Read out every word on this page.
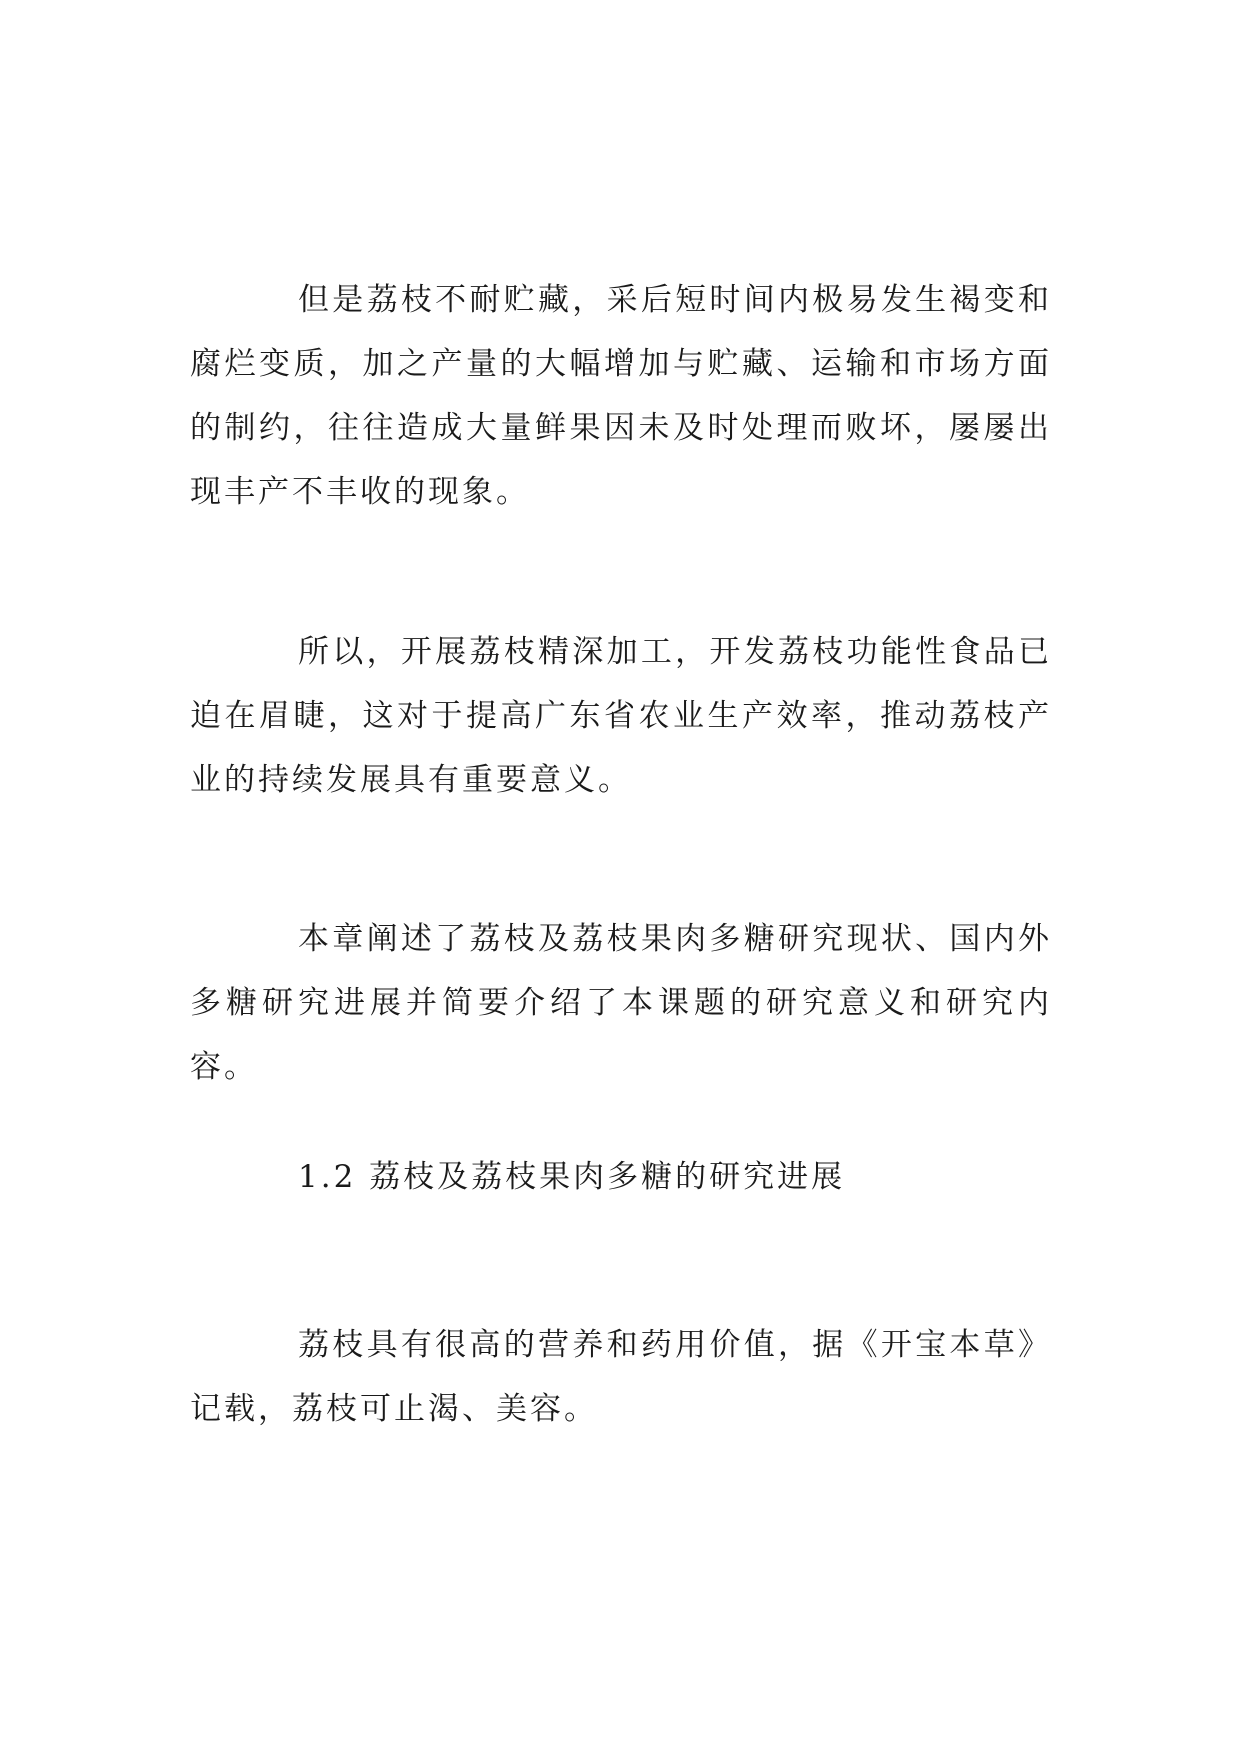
但是荔枝不耐贮藏，采后短时间内极易发生褐变和腐烂变质，加之产量的大幅增加与贮藏、运输和市场方面的制约，往往造成大量鲜果因未及时处理而败坏，屡屡出现丰产不丰收的现象。

所以，开展荔枝精深加工，开发荔枝功能性食品已迫在眉睫，这对于提高广东省农业生产效率，推动荔枝产业的持续发展具有重要意义。

本章阐述了荔枝及荔枝果肉多糖研究现状、国内外多糖研究进展并简要介绍了本课题的研究意义和研究内容。

1.2 荔枝及荔枝果肉多糖的研究进展

荔枝具有很高的营养和药用价值，据《开宝本草》记载，荔枝可止渴、美容。
